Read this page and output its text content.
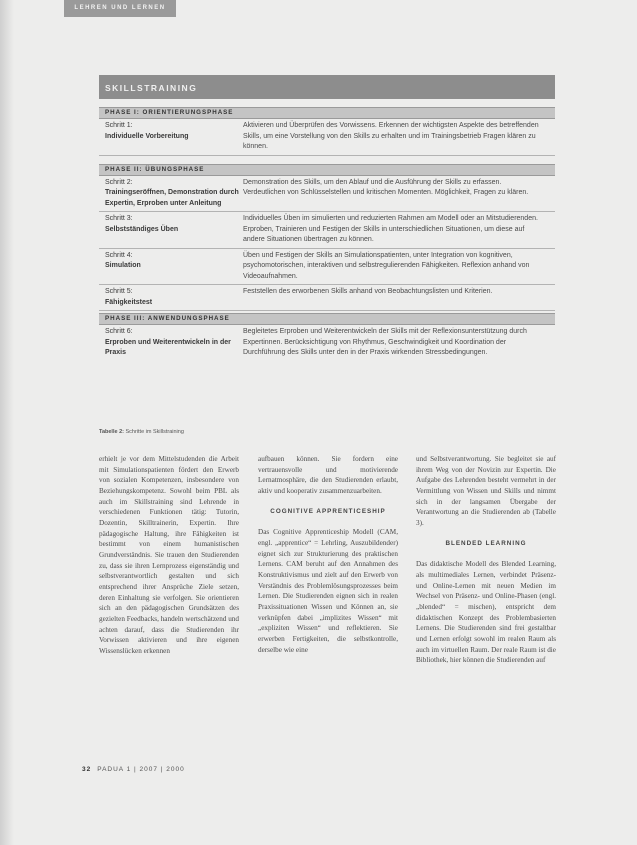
LEHREN UND LERNEN
SKILLSTRAINING
PHASE I: ORIENTIERUNGSPHASE
Schritt 1:
Individuelle Vorbereitung
Aktivieren und Überprüfen des Vorwissens. Erkennen der wichtigsten Aspekte des betreffenden Skills, um eine Vorstellung von den Skills zu erhalten und im Trainingsbetrieb Fragen klären zu können.
PHASE II: ÜBUNGSPHASE
Schritt 2:
Trainingseröffnen, Demonstration durch Expertin, Erproben unter Anleitung
Demonstration des Skills, um den Ablauf und die Ausführung der Skills zu erfassen. Verdeutlichen von Schlüsselstellen und kritischen Momenten. Möglichkeit, Fragen zu klären.
Schritt 3:
Selbstständiges Üben
Individuelles Üben im simulierten und reduzierten Rahmen am Modell oder an Mitstudierenden. Erproben, Trainieren und Festigen der Skills in unterschiedlichen Situationen, um diese auf andere Situationen übertragen zu können.
Schritt 4:
Simulation
Üben und Festigen der Skills an Simulationspatienten, unter Integration von kognitiven, psychomotorischen, interaktiven und selbstregulierenden Fähigkeiten. Reflexion anhand von Videoaufnahmen.
Schritt 5:
Fähigkeitstest
Feststellen des erworbenen Skills anhand von Beobachtungslisten und Kriterien.
PHASE III: ANWENDUNGSPHASE
Schritt 6:
Erproben und Weiterentwickeln in der Praxis
Begleitetes Erproben und Weiterentwickeln der Skills mit der Reflexionsunterstützung durch Expertinnen. Berücksichtigung von Rhythmus, Geschwindigkeit und Koordination der Durchführung des Skills unter den in der Praxis wirkenden Stressbedingungen.
Tabelle 2: Schritte im Skillstraining

erhielt je vor dem Mittelstudenden die Arbeit mit Simulationspatienten fördert den Erwerb von sozialen Kompetenzen, insbesondere von Beziehungskompetenz. Sowohl beim PBL als auch im Skillstraining sind Lehrende in verschiedenen Funktionen tätig: Tutorin, Dozentin, Skilltrainerin, Expertin. Ihre pädagogische Haltung, ihre Fähigkeiten ist bestimmt von einem humanistischen Grundverständnis. Sie trauen den Studierenden zu, dass sie ihren Lernprozess eigenständig und selbstverantwortlich gestalten und sich entsprechend ihrer Ansprüche Ziele setzen, deren Einhaltung sie verfolgen. Sie orientieren sich an den pädagogischen Grundsätzen des gezielten Feedbacks, handeln wertschätzend und achten darauf, dass die Studierenden ihr Vorwissen aktivieren und ihre eigenen Wissenslücken erkennen

aufbauen können. Sie fordern eine vertrauensvolle und motivierende Lernatmosphäre, die den Studierenden erlaubt, aktiv und kooperativ zusammenzuarbeiten.

COGNITIVE APPRENTICESHIP

Das Cognitive Apprenticeship Modell (CAM, engl. „apprentice“ = Lehrling, Auszubildender) eignet sich zur Strukturierung des praktischen Lernens. CAM beruht auf den Annahmen des Konstruktivismus und zielt auf den Erwerb von Verständnis des Problemlösungsprozesses beim Lernen. Die Studierenden eignen sich in realen Praxissituationen Wissen und Können an, sie verknüpfen dabei „implizites Wissen“ mit „expliziten Wissen“ und reflektieren. Sie erwerben Fertigkeiten, die selbstkontrolle, derselbe wie eine

und Selbstverantwortung. Sie begleitet sie auf ihrem Weg von der Novizin zur Expertin. Die Aufgabe des Lehrenden besteht vermehrt in der Vermittlung von Wissen und Skills und nimmt sich in der langsamen Übergabe der Verantwortung an die Studierenden ab (Tabelle 3).

BLENDED LEARNING

Das didaktische Modell des Blended Learning, als multimediales Lernen, verbindet Präsenz- und Online-Lernen mit neuen Medien im Wechsel von Präsenz- und Online-Phasen (engl. „blended“ = mischen), entspricht dem didaktischen Konzept des Problembasierten Lernens. Die Studierenden sind frei gestaltbar und Lernen erfolgt sowohl im realen Raum als auch im virtuellen Raum. Der reale Raum ist die Bibliothek, hier können die Studierenden auf

32 PADUA 1 | 2007 | 2000
